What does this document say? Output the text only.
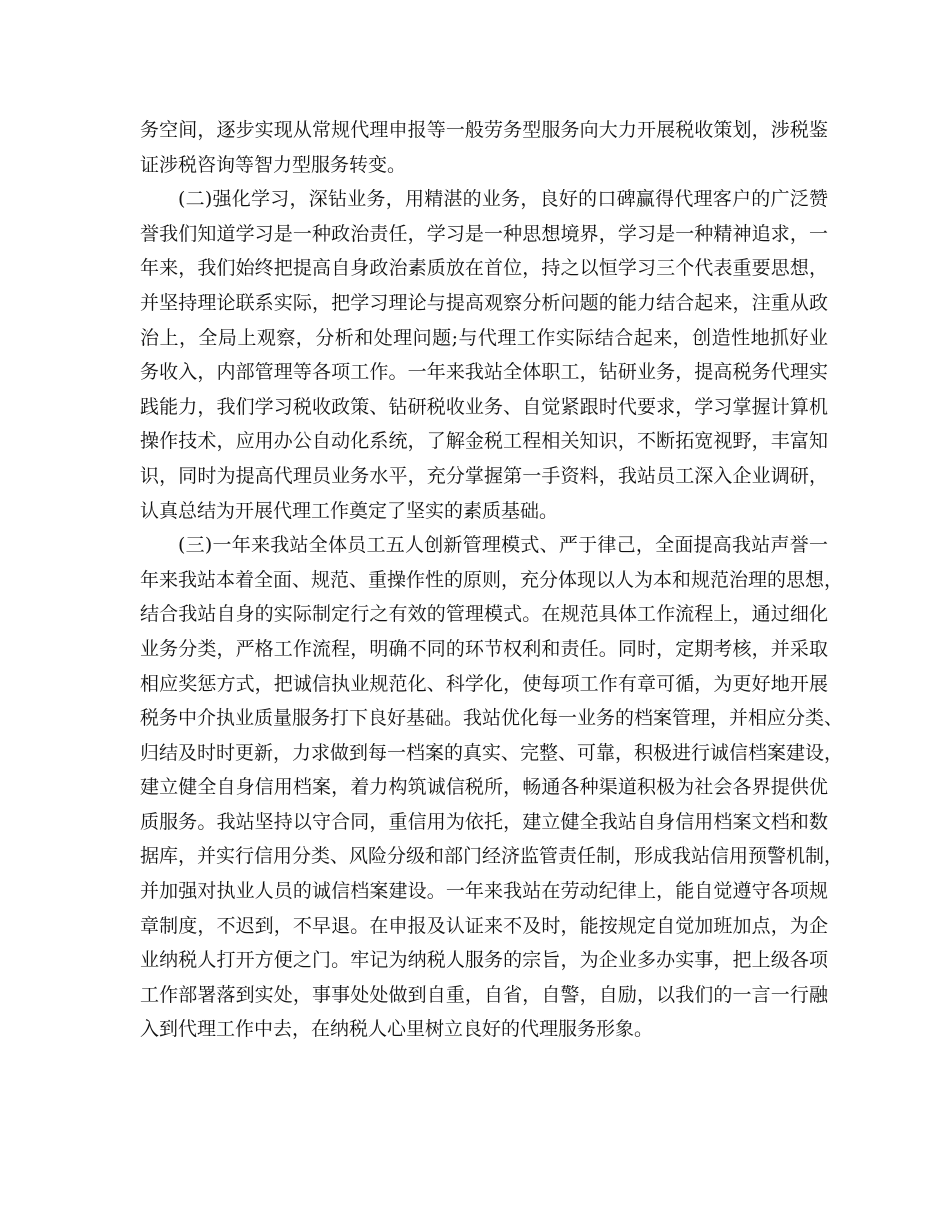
务空间，逐步实现从常规代理申报等一般劳务型服务向大力开展税收策划，涉税鉴
证涉税咨询等智力型服务转变。
(二)强化学习，深钻业务，用精湛的业务，良好的口碑赢得代理客户的广泛赞
誉我们知道学习是一种政治责任，学习是一种思想境界，学习是一种精神追求，一
年来，我们始终把提高自身政治素质放在首位，持之以恒学习三个代表重要思想，
并坚持理论联系实际，把学习理论与提高观察分析问题的能力结合起来，注重从政
治上，全局上观察，分析和处理问题;与代理工作实际结合起来，创造性地抓好业
务收入，内部管理等各项工作。一年来我站全体职工，钻研业务，提高税务代理实
践能力，我们学习税收政策、钻研税收业务、自觉紧跟时代要求，学习掌握计算机
操作技术，应用办公自动化系统，了解金税工程相关知识，不断拓宽视野，丰富知
识，同时为提高代理员业务水平，充分掌握第一手资料，我站员工深入企业调研，
认真总结为开展代理工作奠定了坚实的素质基础。
(三)一年来我站全体员工五人创新管理模式、严于律己，全面提高我站声誉一
年来我站本着全面、规范、重操作性的原则，充分体现以人为本和规范治理的思想，
结合我站自身的实际制定行之有效的管理模式。在规范具体工作流程上，通过细化
业务分类，严格工作流程，明确不同的环节权利和责任。同时，定期考核，并采取
相应奖惩方式，把诚信执业规范化、科学化，使每项工作有章可循，为更好地开展
税务中介执业质量服务打下良好基础。我站优化每一业务的档案管理，并相应分类、
归结及时时更新，力求做到每一档案的真实、完整、可靠，积极进行诚信档案建设，
建立健全自身信用档案，着力构筑诚信税所，畅通各种渠道积极为社会各界提供优
质服务。我站坚持以守合同，重信用为依托，建立健全我站自身信用档案文档和数
据库，并实行信用分类、风险分级和部门经济监管责任制，形成我站信用预警机制，
并加强对执业人员的诚信档案建设。一年来我站在劳动纪律上，能自觉遵守各项规
章制度，不迟到，不早退。在申报及认证来不及时，能按规定自觉加班加点，为企
业纳税人打开方便之门。牢记为纳税人服务的宗旨，为企业多办实事，把上级各项
工作部署落到实处，事事处处做到自重，自省，自警，自励，以我们的一言一行融
入到代理工作中去，在纳税人心里树立良好的代理服务形象。
